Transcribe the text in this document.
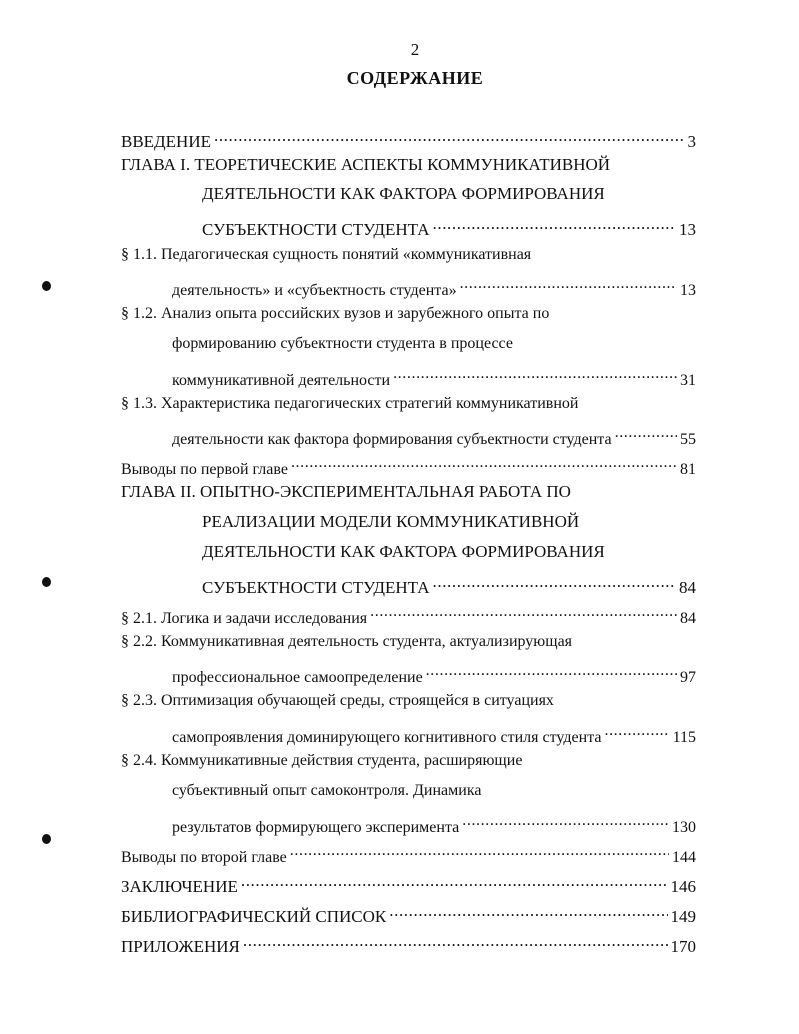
2
СОДЕРЖАНИЕ
ВВЕДЕНИЕ .....	3
ГЛАВА I. ТЕОРЕТИЧЕСКИЕ АСПЕКТЫ КОММУНИКАТИВНОЙ
ДЕЯТЕЛЬНОСТИ КАК ФАКТОРА ФОРМИРОВАНИЯ
СУБЪЕКТНОСТИ СТУДЕНТА .....	13
§ 1.1. Педагогическая сущность понятий «коммуникативная
деятельность» и «субъектность студента» .....	13
§ 1.2. Анализ опыта российских вузов и зарубежного опыта по
формированию субъектности студента в процессе
коммуникативной деятельности .....	31
§ 1.3. Характеристика педагогических стратегий коммуникативной
деятельности как фактора формирования субъектности студента .....	55
Выводы по первой главе .....	81
ГЛАВА II. ОПЫТНО-ЭКСПЕРИМЕНТАЛЬНАЯ РАБОТА ПО
РЕАЛИЗАЦИИ МОДЕЛИ КОММУНИКАТИВНОЙ
ДЕЯТЕЛЬНОСТИ КАК ФАКТОРА ФОРМИРОВАНИЯ
СУБЪЕКТНОСТИ СТУДЕНТА .....	84
§ 2.1. Логика и задачи исследования .....	84
§ 2.2. Коммуникативная деятельность студента, актуализирующая
профессиональное самоопределение .....	97
§ 2.3. Оптимизация обучающей среды, строящейся в ситуациях
самопроявления доминирующего когнитивного стиля студента .....	115
§ 2.4. Коммуникативные действия студента, расширяющие
субъективный опыт самоконтроля. Динамика
результатов формирующего эксперимента .....	130
Выводы по второй главе .....	144
ЗАКЛЮЧЕНИЕ .....	146
БИБЛИОГРАФИЧЕСКИЙ СПИСОК .....	149
ПРИЛОЖЕНИЯ .....	170
